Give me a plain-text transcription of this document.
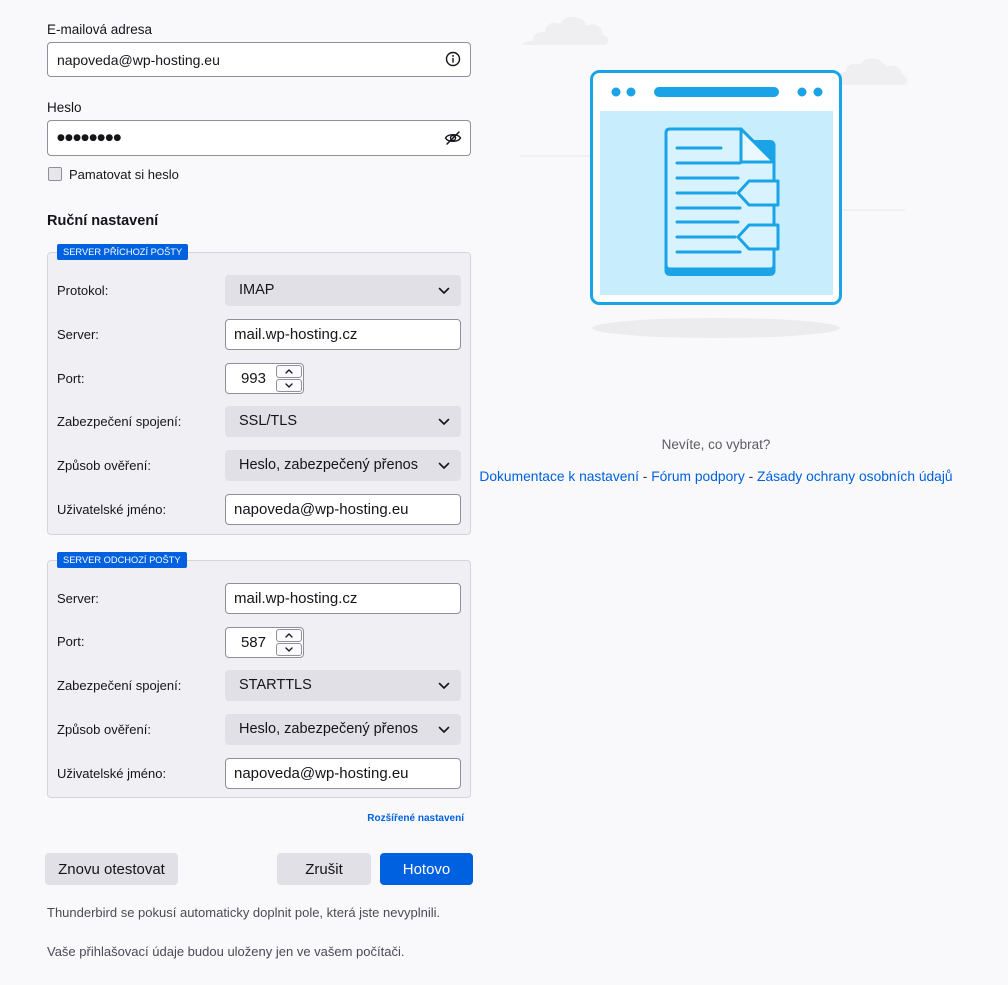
E-mailová adresa
napoveda@wp-hosting.eu
Heslo
●●●●●●●●
Pamatovat si heslo
Ruční nastavení
SERVER PŘÍCHOZÍ POŠTY
Protokol:	IMAP
Server:
mail.wp-hosting.cz
Port:
993
Zabezpečení spojení:	SSL/TLS
Způsob ověření:	Heslo, zabezpečený přenos
Uživatelské jméno:
napoveda@wp-hosting.eu
SERVER ODCHOZÍ POŠTY
Server:
mail.wp-hosting.cz
Port:
587
Zabezpečení spojení:	STARTTLS
Způsob ověření:	Heslo, zabezpečený přenos
Uživatelské jméno:
napoveda@wp-hosting.eu
Rozšířené nastavení
Znovu otestovat	Zrušit	Hotovo
Thunderbird se pokusí automaticky doplnit pole, která jste nevyplnili.
Vaše přihlašovací údaje budou uloženy jen ve vašem počítači.
Nevíte, co vybrat?
Dokumentace k nastavení - Fórum podpory - Zásady ochrany osobních údajů
